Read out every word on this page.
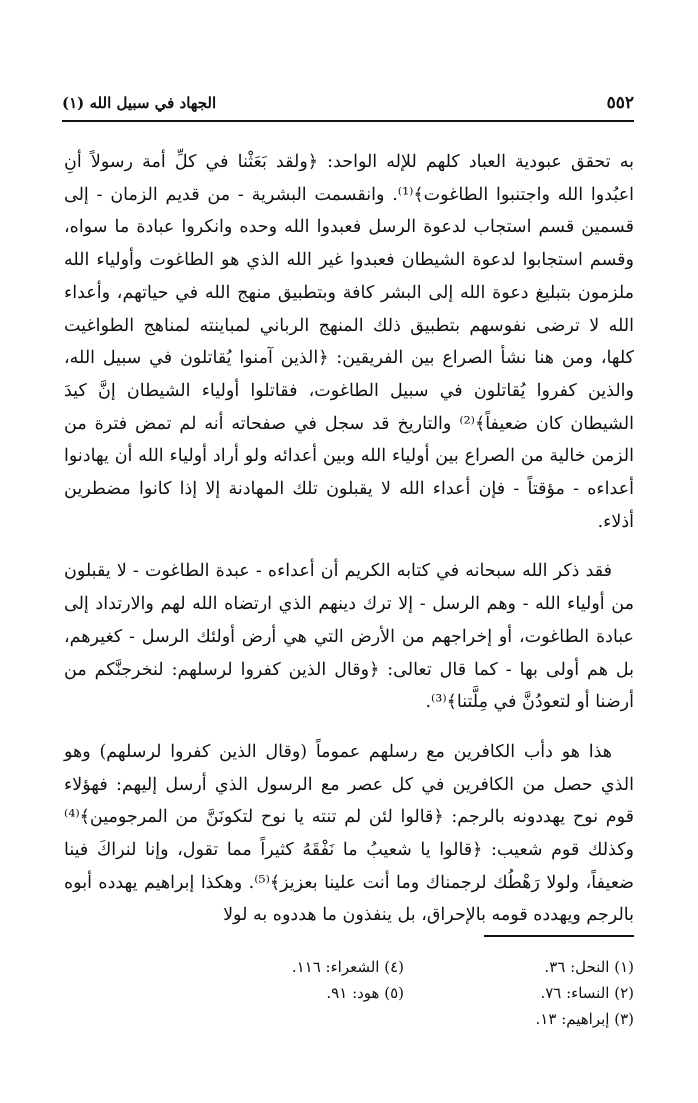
٥٥٢
الجهاد في سبيل الله (١)

به تحقق عبودية العباد كلهم للإله الواحد: ﴿ولقد بَعَثْنا في كلِّ أمة رسولاً أنِ اعبُدوا الله واجتنبوا الطاغوت﴾⁽¹⁾. وانقسمت البشرية - من قديم الزمان - إلى قسمين قسم استجاب لدعوة الرسل فعبدوا الله وحده وانكروا عبادة ما سواه، وقسم استجابوا لدعوة الشيطان فعبدوا غير الله الذي هو الطاغوت وأولياء الله ملزمون بتبليغ دعوة الله إلى البشر كافة وبتطبيق منهج الله في حياتهم، وأعداء الله لا ترضى نفوسهم بتطبيق ذلك المنهج الرباني لمباينته لمناهج الطواغيت كلها، ومن هنا نشأ الصراع بين الفريقين: ﴿الذين آمنوا يُقاتلون في سبيل الله، والذين كفروا يُقاتلون في سبيل الطاغوت، فقاتلوا أولياء الشيطان إنَّ كيدَ الشيطان كان ضعيفاً﴾⁽²⁾ والتاريخ قد سجل في صفحاته أنه لم تمض فترة من الزمن خالية من الصراع بين أولياء الله وبين أعدائه ولو أراد أولياء الله أن يهادنوا أعداءه - مؤقتاً - فإن أعداء الله لا يقبلون تلك المهادنة إلا إذا كانوا مضطرين أذلاء.

فقد ذكر الله سبحانه في كتابه الكريم أن أعداءه - عبدة الطاغوت - لا يقبلون من أولياء الله - وهم الرسل - إلا ترك دينهم الذي ارتضاه الله لهم والارتداد إلى عبادة الطاغوت، أو إخراجهم من الأرض التي هي أرض أولئك الرسل - كغيرهم، بل هم أولى بها - كما قال تعالى: ﴿وقال الذين كفروا لرسلهم: لنخرجنَّكم من أرضنا أو لتعودُنَّ في مِلَّتنا﴾⁽³⁾.

هذا هو دأب الكافرين مع رسلهم عموماً (وقال الذين كفروا لرسلهم) وهو الذي حصل من الكافرين في كل عصر مع الرسول الذي أرسل إليهم: فهؤلاء قوم نوح يهددونه بالرجم: ﴿قالوا لئن لم تنته يا نوح لتكونَنَّ من المرجومين﴾⁽⁴⁾ وكذلك قوم شعيب: ﴿قالوا يا شعيبُ ما نَفْقَهُ كثيراً مما تقول، وإنا لنراكَ فينا ضعيفاً، ولولا رَهْطُك لرجمناك وما أنت علينا بعزيز﴾⁽⁵⁾. وهكذا إبراهيم يهدده أبوه بالرجم ويهدده قومه بالإحراق، بل ينفذون ما هددوه به لولا

(١) النحل: ٣٦.
(٢) النساء: ٧٦.
(٣) إبراهيم: ١٣.
(٤) الشعراء: ١١٦.
(٥) هود: ٩١.
